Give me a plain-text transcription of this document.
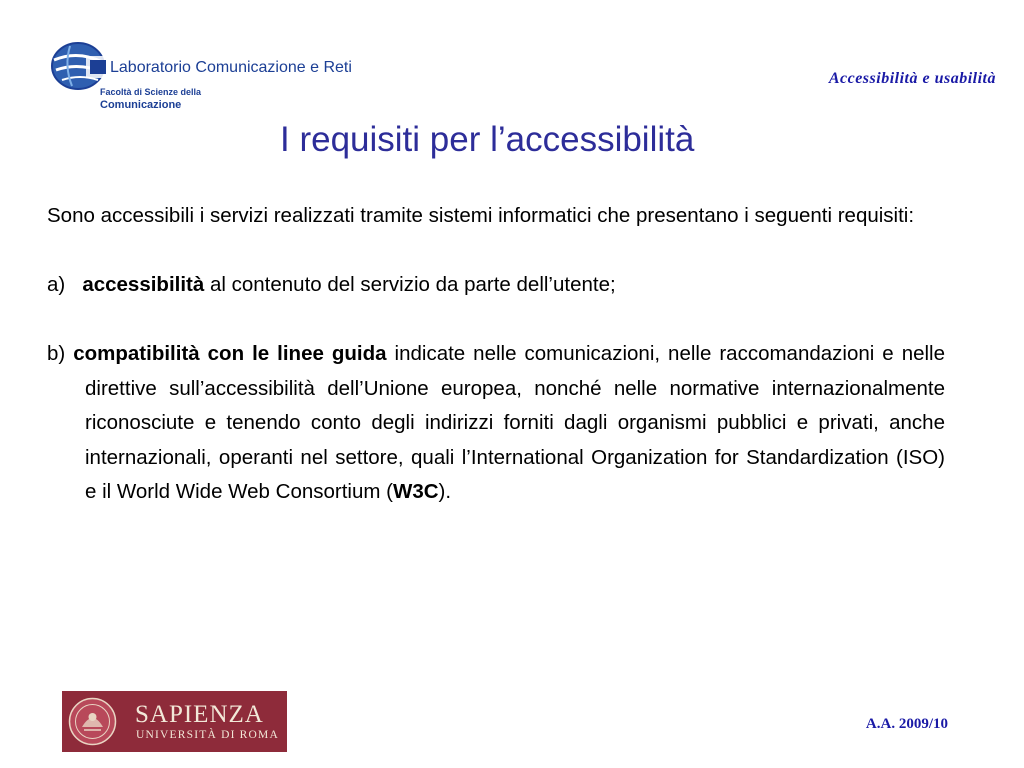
Laboratorio Comunicazione e Reti
Facoltà di Scienze della
Comunicazione
Accessibilità e usabilità
I requisiti per l’accessibilità

Sono accessibili i servizi realizzati tramite sistemi informatici che presentano i seguenti requisiti:

a) accessibilità al contenuto del servizio da parte dell’utente;

b) compatibilità con le linee guida indicate nelle comunicazioni, nelle raccomandazioni e nelle direttive sull’accessibilità dell’Unione europea, nonché nelle normative internazionalmente riconosciute e tenendo conto degli indirizzi forniti dagli organismi pubblici e privati, anche internazionali, operanti nel settore, quali l’International Organization for Standardization (ISO) e il World Wide Web Consortium (W3C).

SAPIENZA
UNIVERSITÀ DI ROMA
A.A. 2009/10
